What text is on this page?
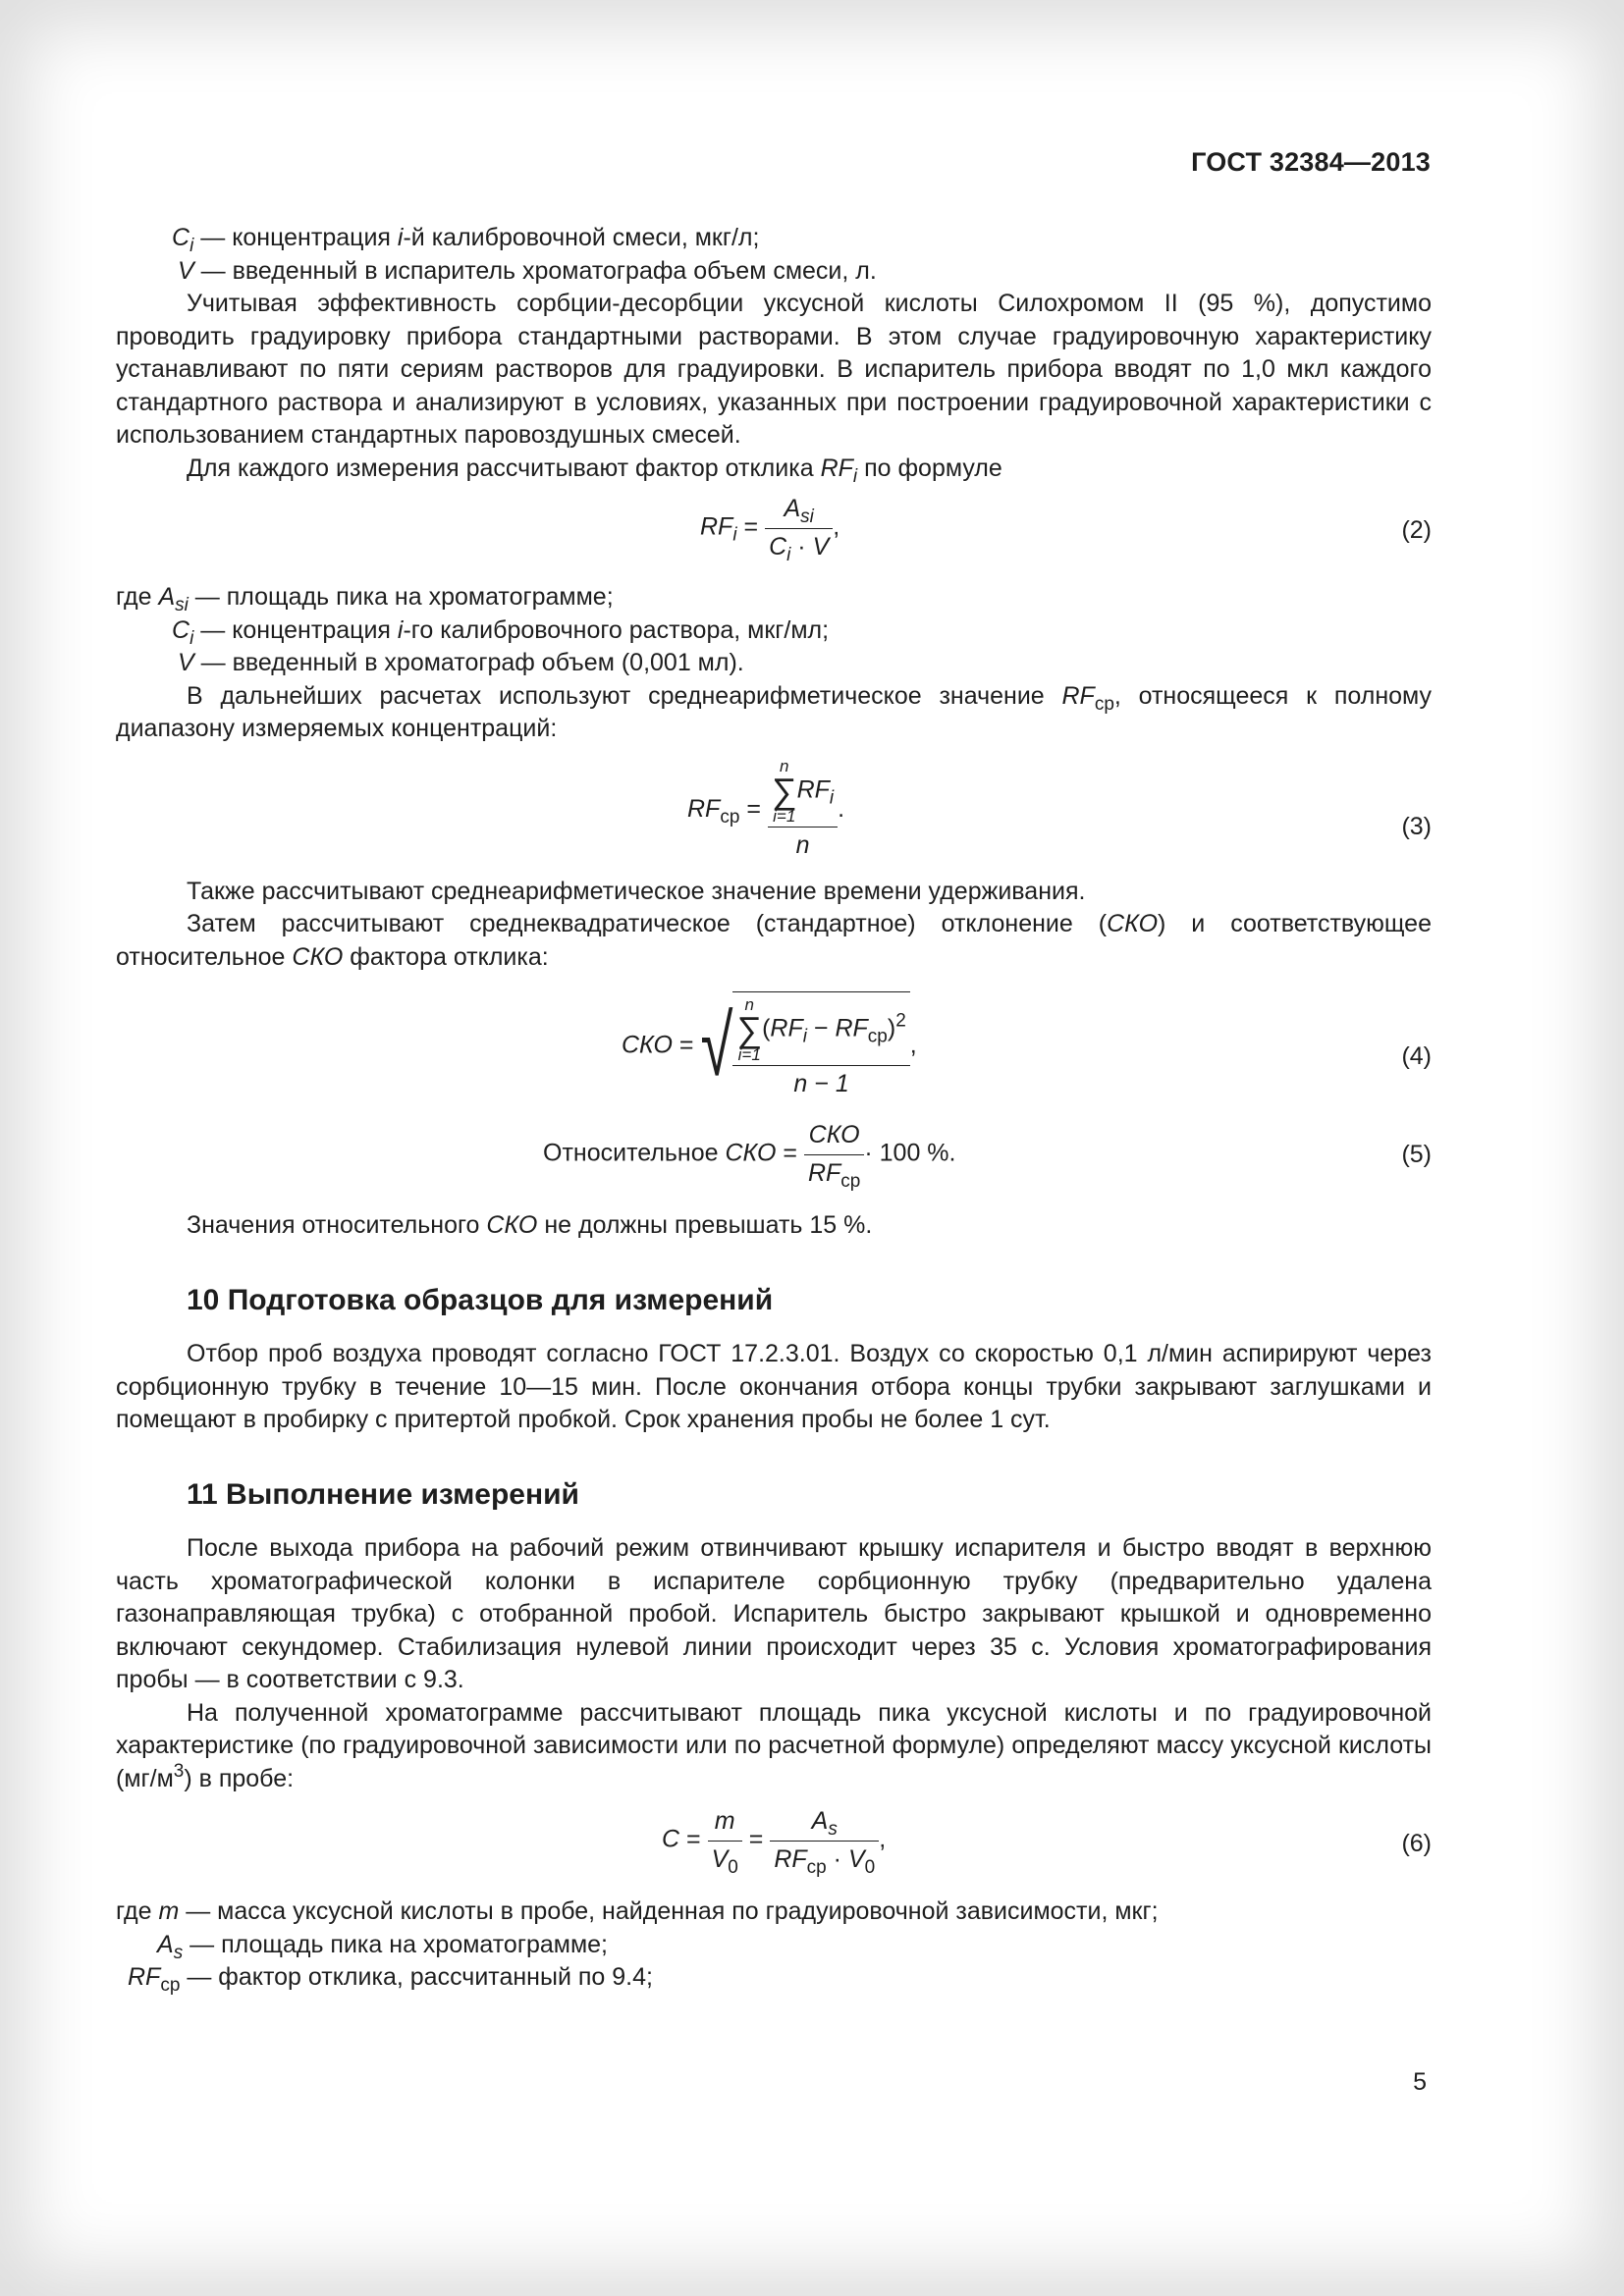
ГОСТ 32384—2013
$C_i$ — концентрация i-й калибровочной смеси, мкг/л;
V — введенный в испаритель хроматографа объем смеси, л.
Учитывая эффективность сорбции-десорбции уксусной кислоты Силохромом II (95 %), допустимо проводить градуировку прибора стандартными растворами. В этом случае градуировочную характеристику устанавливают по пяти сериям растворов для градуировки. В испаритель прибора вводят по 1,0 мкл каждого стандартного раствора и анализируют в условиях, указанных при построении градуировочной характеристики с использованием стандартных паровоздушных смесей.
Для каждого измерения рассчитывают фактор отклика $RF_i$ по формуле
$RF_i = \frac{A_{si}}{C_i \cdot V}$ ,	(2)
где $A_{si}$ — площадь пика на хроматограмме;
$C_i$ — концентрация i-го калибровочного раствора, мкг/мл;
V — введенный в хроматограф объем (0,001 мл).
В дальнейших расчетах используют среднеарифметическое значение $RF_{ср}$, относящееся к полному диапазону измеряемых концентраций:
$RF_{ср} = n$
∑
i=1
$RF_i$
n .
(3)
Также рассчитывают среднеарифметическое значение времени удерживания.
Затем рассчитывают среднеквадратическое (стандартное) отклонение (СКО) и соответствующее относительное СКО фактора отклика:
СКО = √ n
∑
i=1
$(RF_i - RF_{ср})^2$
n − 1 ,	(4)
Относительное СКО = $\frac{\text{СКО}}{RF_{ср}} \cdot 100$ %.	(5)
Значения относительного СКО не должны превышать 15 %.
10 Подготовка образцов для измерений
Отбор проб воздуха проводят согласно ГОСТ 17.2.3.01. Воздух со скоростью 0,1 л/мин аспирируют через сорбционную трубку в течение 10—15 мин. После окончания отбора концы трубки закрывают заглушками и помещают в пробирку с притертой пробкой. Срок хранения пробы не более 1 сут.
11 Выполнение измерений
После выхода прибора на рабочий режим отвинчивают крышку испарителя и быстро вводят в верхнюю часть хроматографической колонки в испарителе сорбционную трубку (предварительно удалена газонаправляющая трубка) с отобранной пробой. Испаритель быстро закрывают крышкой и одновременно включают секундомер. Стабилизация нулевой линии происходит через 35 с. Условия хроматографирования пробы — в соответствии с 9.3.
На полученной хроматограмме рассчитывают площадь пика уксусной кислоты и по градуировочной характеристике (по градуировочной зависимости или по расчетной формуле) определяют массу уксусной кислоты $(мг/м^3)$ в пробе:
$C = \frac{m}{V_0} = \frac{A_s}{RF_{ср} \cdot V_0}$ ,	(6)
где m — масса уксусной кислоты в пробе, найденная по градуировочной зависимости, мкг;
$A_s$ — площадь пика на хроматограмме;
$RF_{ср}$ — фактор отклика, рассчитанный по 9.4;
5
